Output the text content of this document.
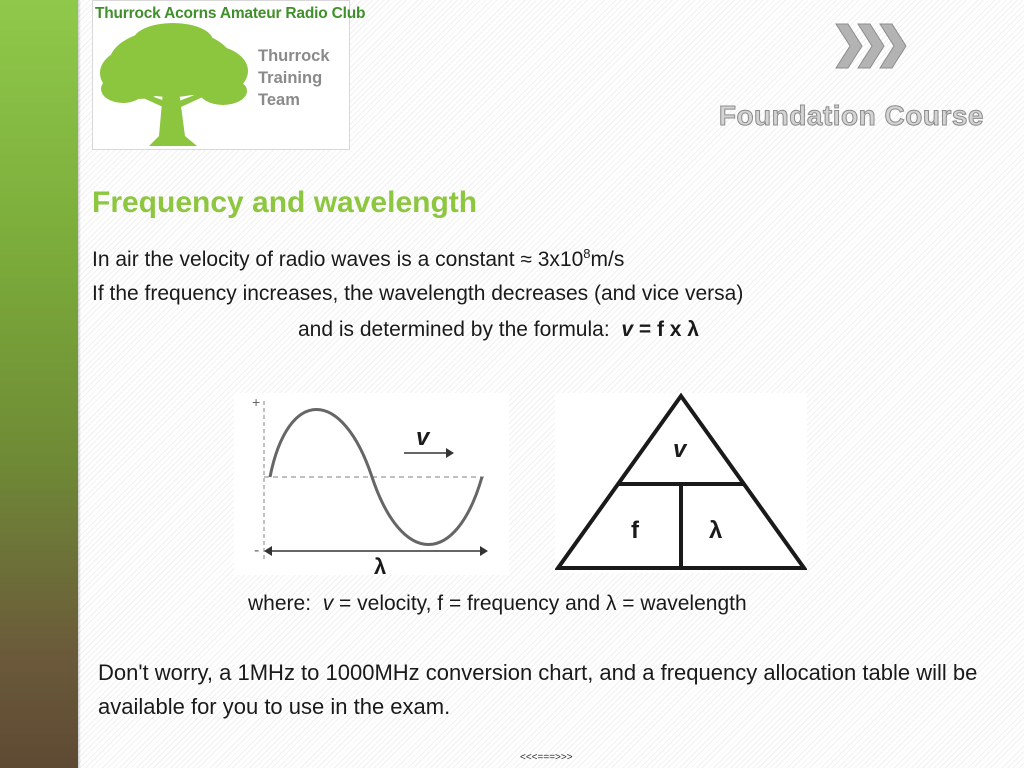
Thurrock Acorns Amateur Radio Club
Thurrock
Training
Team	Foundation Course
Frequency and wavelength
In air the velocity of radio waves is a constant ≈ $3x10^8m/s$
If the frequency increases, the wavelength decreases (and vice versa)
and is determined by the formula: v = f x λ
+
-
v
λ
v
f	λ
where: v = velocity, f = frequency and λ = wavelength
Don't worry, a 1MHz to 1000MHz conversion chart, and a frequency allocation table will be available for you to use in the exam.
<<<===>>>
